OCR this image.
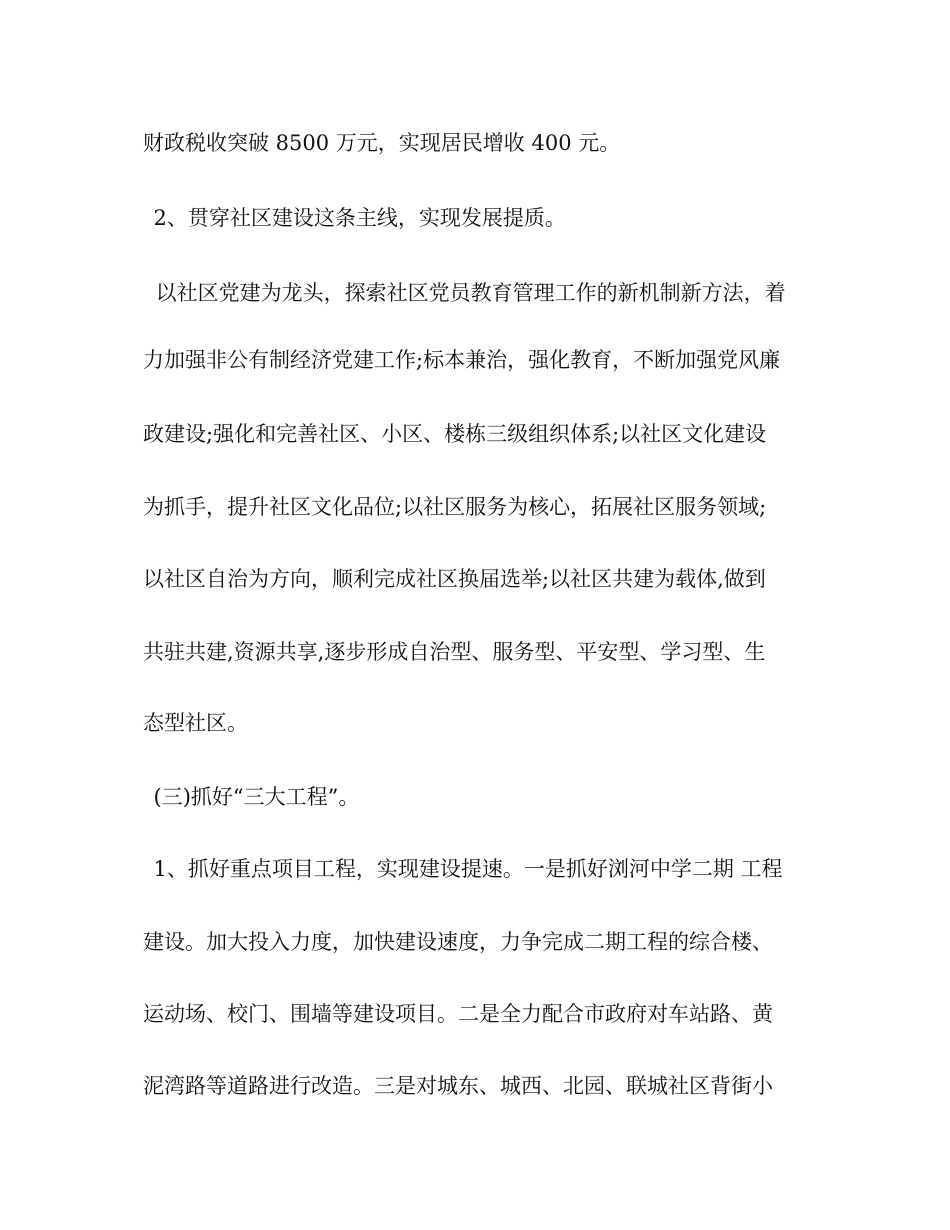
财政税收突破 8500 万元，实现居民增收 400 元。
2、贯穿社区建设这条主线，实现发展提质。
以社区党建为龙头，探索社区党员教育管理工作的新机制新方法，着
力加强非公有制经济党建工作;标本兼治，强化教育，不断加强党风廉
政建设;强化和完善社区、小区、楼栋三级组织体系;以社区文化建设
为抓手，提升社区文化品位;以社区服务为核心，拓展社区服务领域;
以社区自治为方向，顺利完成社区换届选举;以社区共建为载体,做到
共驻共建,资源共享,逐步形成自治型、服务型、平安型、学习型、生
态型社区。
(三)抓好“三大工程”。
1、抓好重点项目工程，实现建设提速。一是抓好浏河中学二期 工程
建设。加大投入力度，加快建设速度，力争完成二期工程的综合楼、
运动场、校门、围墙等建设项目。二是全力配合市政府对车站路、黄
泥湾路等道路进行改造。三是对城东、城西、北园、联城社区背街小
